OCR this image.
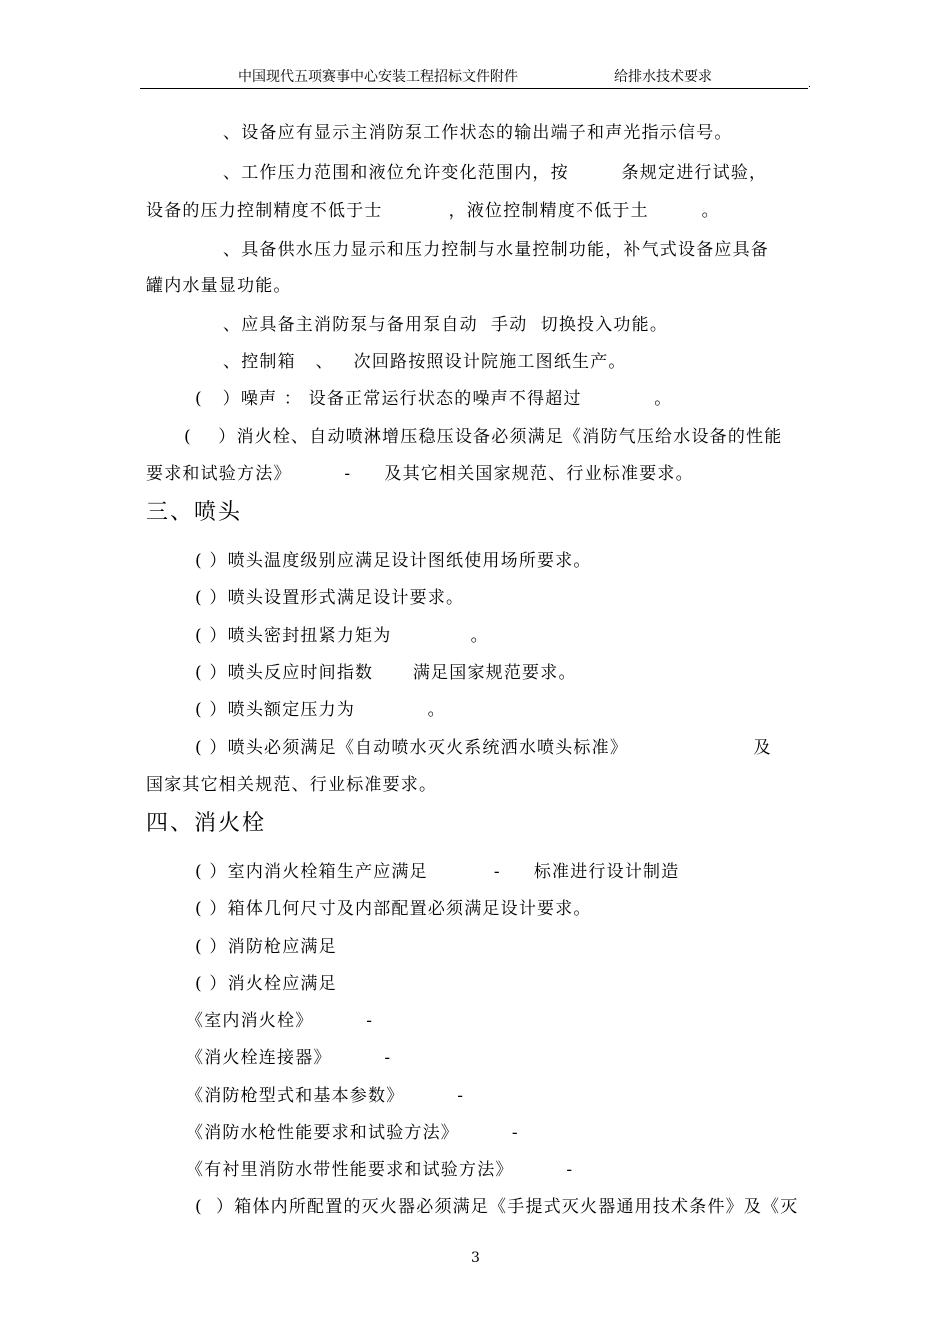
中国现代五项赛事中心安装工程招标文件附件	给排水技术要求	.
、设备应有显示主消防泵工作状态的输出端子和声光指示信号。
、工作压力范围和液位允许变化范围内，按        条规定进行试验，
设备的压力控制精度不低于士          ，液位控制精度不低于土        。
、具备供水压力显示和压力控制与水量控制功能，补气式设备应具备
罐内水量显功能。
、应具备主消防泵与备用泵自动  手动  切换投入功能。
、控制箱   、   次回路按照设计院施工图纸生产。
(   ）噪声 ： 设备正常运行状态的噪声不得超过           。
(    ）消火栓、自动喷淋增压稳压设备必须满足《消防气压给水设备的性能
要求和试验方法》        -     及其它相关国家规范、行业标准要求。
三、喷头
( ）喷头温度级别应满足设计图纸使用场所要求。
( ）喷头设置形式满足设计要求。
( ）喷头密封扭紧力矩为            。
( ）喷头反应时间指数      满足国家规范要求。
( ）喷头额定压力为           。
( ）喷头必须满足《自动喷水灭火系统洒水喷头标准》                   及
国家其它相关规范、行业标准要求。
四、消火栓
( ）室内消火栓箱生产应满足          -     标准进行设计制造
( ）箱体几何尺寸及内部配置必须满足设计要求。
( ）消防枪应满足
( ）消火栓应满足
《室内消火栓》        -
《消火栓连接器》        -
《消防枪型式和基本参数》        -
《消防水枪性能要求和试验方法》        -
《有衬里消防水带性能要求和试验方法》        -
(  ）箱体内所配置的灭火器必须满足《手提式灭火器通用技术条件》及《灭
3
